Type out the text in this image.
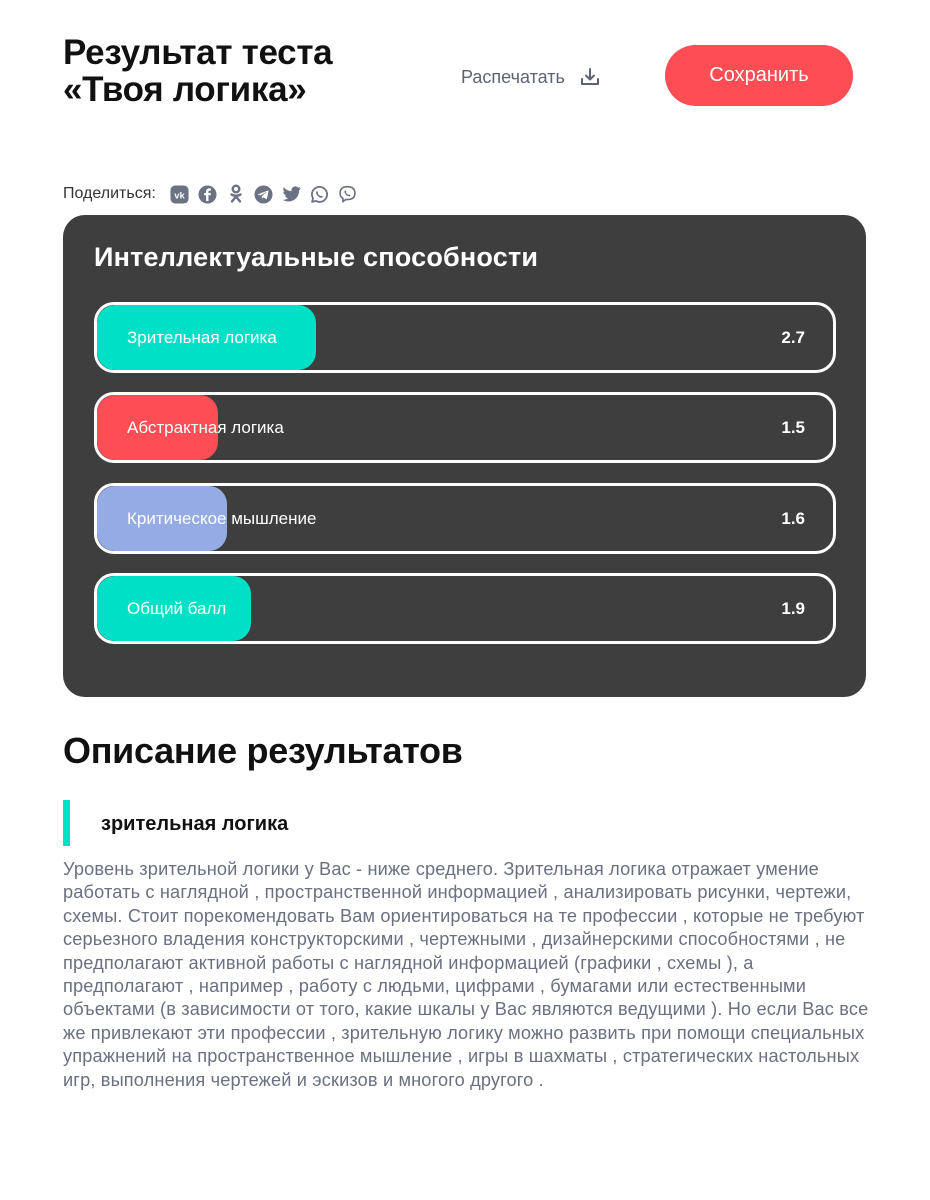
Результат теста
«Твоя логика»	Распечатать	Сохранить
Поделиться: vk
Интеллектуальные способности
Зрительная логика	2.7
Абстрактная логика	1.5
Критическое мышление	1.6
Общий балл	1.9
Описание результатов
зрительная логика

Уровень зрительной логики у Вас - ниже среднего. Зрительная логика отражает умение работать с наглядной , пространственной информацией , анализировать рисунки, чертежи, схемы. Стоит порекомендовать Вам ориентироваться на те профессии , которые не требуют серьезного владения конструкторскими , чертежными , дизайнерскими способностями , не предполагают активной работы с наглядной информацией (графики , схемы ), а предполагают , например , работу с людьми, цифрами , бумагами или естественными объектами (в зависимости от того, какие шкалы у Вас являются ведущими ). Но если Вас все же привлекают эти профессии , зрительную логику можно развить при помощи специальных упражнений на пространственное мышление , игры в шахматы , стратегических настольных игр, выполнения чертежей и эскизов и многого другого .
